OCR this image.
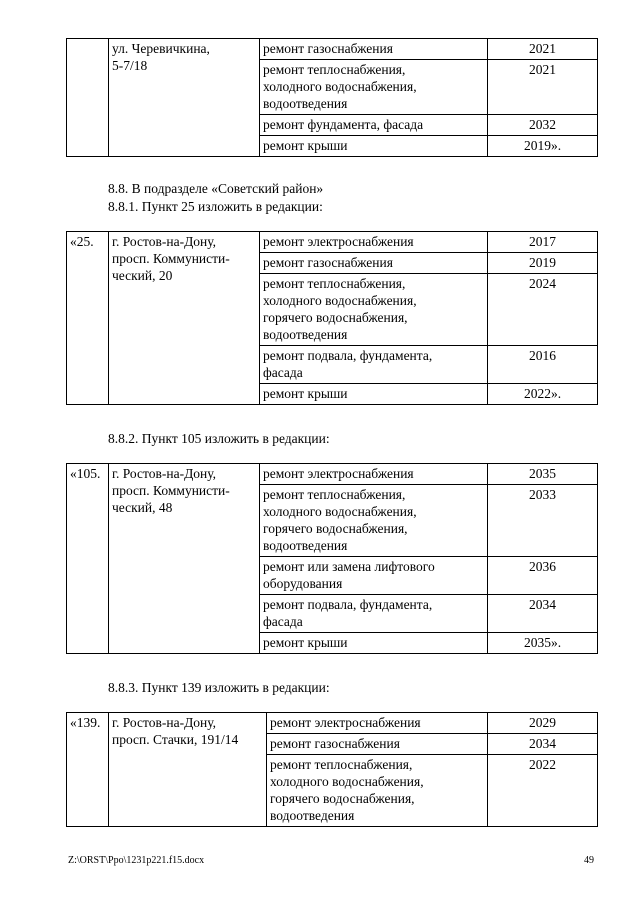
	ул. Черевичкина,
5-7/18	ремонт газоснабжения	2021
		ремонт теплоснабжения,
холодного водоснабжения,
водоотведения	2021
		ремонт фундамента, фасада	2032
		ремонт крыши	2019».
8.8. В подразделе «Советский район»
8.8.1. Пункт 25 изложить в редакции:
«25.	г. Ростов-на-Дону,
просп. Коммунисти-
ческий, 20	ремонт электроснабжения	2017
		ремонт газоснабжения	2019
		ремонт теплоснабжения,
холодного водоснабжения,
горячего водоснабжения,
водоотведения	2024
		ремонт подвала, фундамента,
фасада	2016
		ремонт крыши	2022».
8.8.2. Пункт 105 изложить в редакции:
«105.	г. Ростов-на-Дону,
просп. Коммунисти-
ческий, 48	ремонт электроснабжения	2035
		ремонт теплоснабжения,
холодного водоснабжения,
горячего водоснабжения,
водоотведения	2033
		ремонт или замена лифтового
оборудования	2036
		ремонт подвала, фундамента,
фасада	2034
		ремонт крыши	2035».
8.8.3. Пункт 139 изложить в редакции:
«139.	г. Ростов-на-Дону,
просп. Стачки, 191/14	ремонт электроснабжения	2029
		ремонт газоснабжения	2034
		ремонт теплоснабжения,
холодного водоснабжения,
горячего водоснабжения,
водоотведения	2022
Z:\ORST\Ppo\1231p221.f15.docx	49
